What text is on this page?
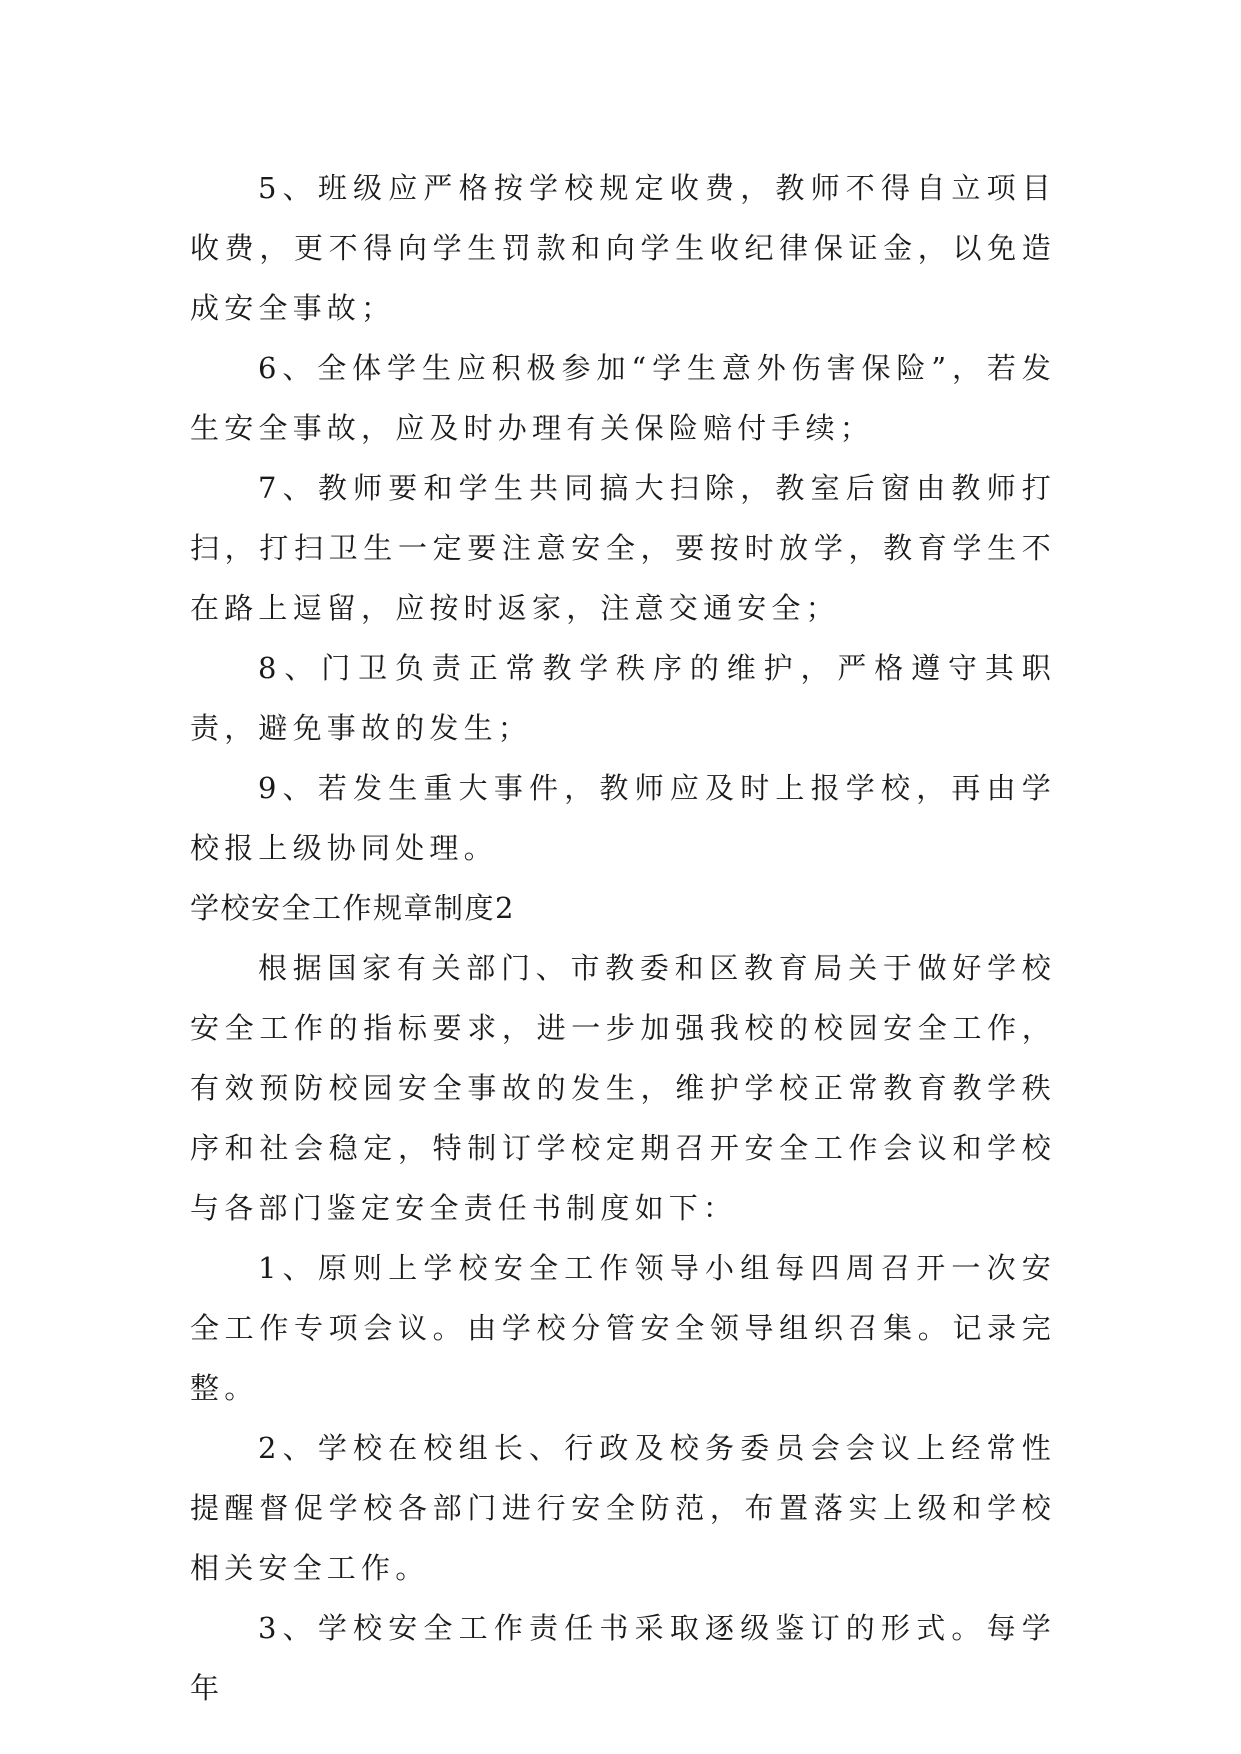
5、班级应严格按学校规定收费，教师不得自立项目收费，更不得向学生罚款和向学生收纪律保证金，以免造成安全事故；

6、全体学生应积极参加“学生意外伤害保险”，若发生安全事故，应及时办理有关保险赔付手续；

7、教师要和学生共同搞大扫除，教室后窗由教师打扫，打扫卫生一定要注意安全，要按时放学，教育学生不在路上逗留，应按时返家，注意交通安全；

8、门卫负责正常教学秩序的维护，严格遵守其职责，避免事故的发生；

9、若发生重大事件，教师应及时上报学校，再由学校报上级协同处理。

学校安全工作规章制度2

根据国家有关部门、市教委和区教育局关于做好学校安全工作的指标要求，进一步加强我校的校园安全工作，有效预防校园安全事故的发生，维护学校正常教育教学秩序和社会稳定，特制订学校定期召开安全工作会议和学校与各部门鉴定安全责任书制度如下：

1、原则上学校安全工作领导小组每四周召开一次安全工作专项会议。由学校分管安全领导组织召集。记录完整。

2、学校在校组长、行政及校务委员会会议上经常性提醒督促学校各部门进行安全防范，布置落实上级和学校相关安全工作。

3、学校安全工作责任书采取逐级鉴订的形式。每学年
